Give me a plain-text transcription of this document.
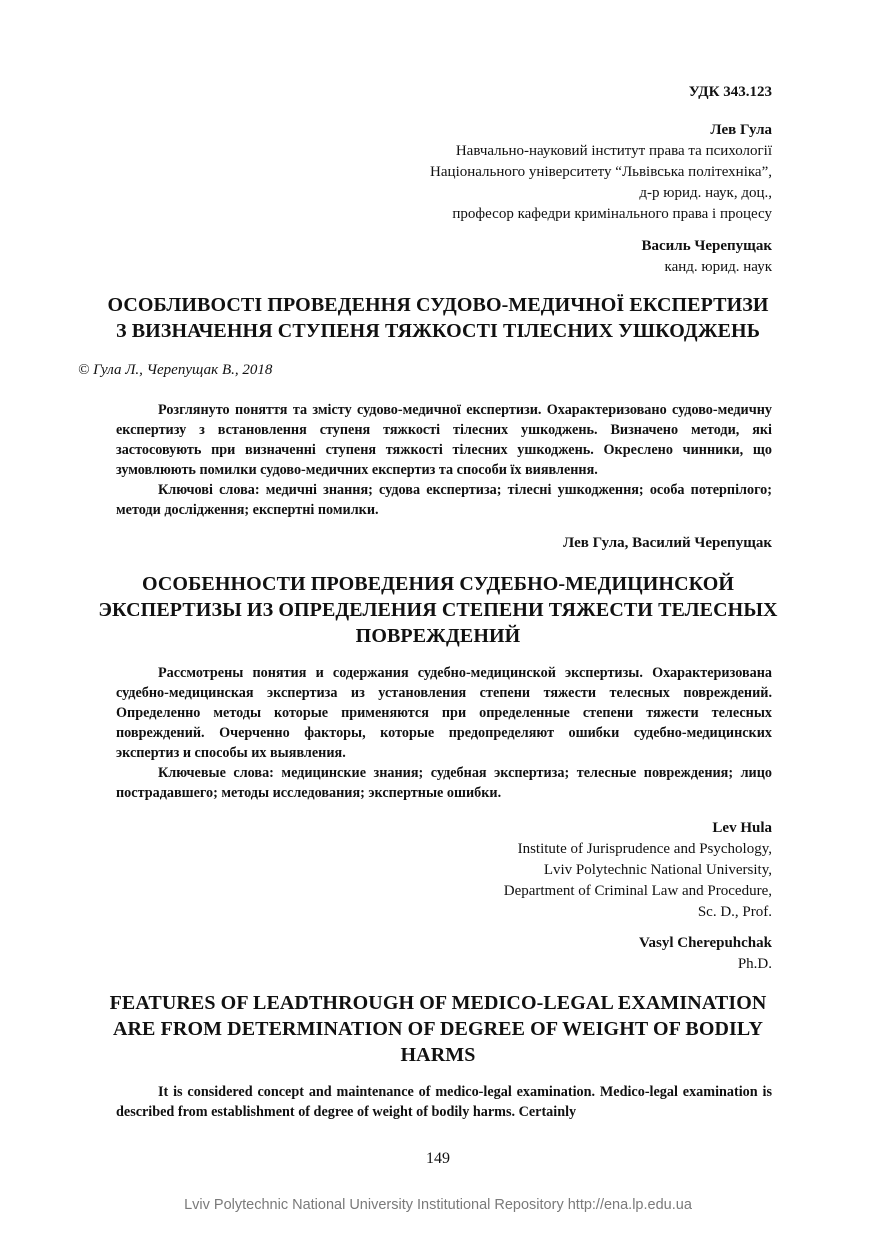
УДК 343.123
Лев Гула
Навчально-науковий інститут права та психології
Національного університету “Львівська політехніка”,
д-р юрид. наук, доц.,
професор кафедри кримінального права і процесу
Василь Черепущак
канд. юрид. наук
ОСОБЛИВОСТІ ПРОВЕДЕННЯ СУДОВО-МЕДИЧНОЇ ЕКСПЕРТИЗИ
З ВИЗНАЧЕННЯ СТУПЕНЯ ТЯЖКОСТІ ТІЛЕСНИХ УШКОДЖЕНЬ
© Гула Л., Черепущак В., 2018

Розглянуто поняття та змісту судово-медичної експертизи. Охарактеризовано судово-медичну експертизу з встановлення ступеня тяжкості тілесних ушкоджень. Визначено методи, які застосовують при визначенні ступеня тяжкості тілесних ушкоджень. Окреслено чинники, що зумовлюють помилки судово-медичних експертиз та способи їх виявлення.

Ключові слова: медичні знання; судова експертиза; тілесні ушкодження; особа потерпілого; методи дослідження; експертні помилки.

Лев Гула, Василий Черепущак
ОСОБЕННОСТИ ПРОВЕДЕНИЯ СУДЕБНО-МЕДИЦИНСКОЙ
ЭКСПЕРТИЗЫ ИЗ ОПРЕДЕЛЕНИЯ СТЕПЕНИ ТЯЖЕСТИ ТЕЛЕСНЫХ
ПОВРЕЖДЕНИЙ

Рассмотрены понятия и содержания судебно-медицинской экспертизы. Охарактеризована судебно-медицинская экспертиза из установления степени тяжести телесных повреждений. Определенно методы которые применяются при определенные степени тяжести телесных повреждений. Очерченно факторы, которые предопределяют ошибки судебно-медицинских экспертиз и способы их выявления.

Ключевые слова: медицинские знания; судебная экспертиза; телесные повреждения; лицо пострадавшего; методы исследования; экспертные ошибки.

Lev Hula
Institute of Jurisprudence and Psychology,
Lviv Polytechnic National University,
Department of Criminal Law and Procedure,
Sc. D., Prof.
Vasyl Cherepuhchak
Ph.D.
FEATURES OF LEADTHROUGH OF MEDICO-LEGAL EXAMINATION
ARE FROM DETERMINATION OF DEGREE OF WEIGHT OF BODILY
HARMS

It is considered concept and maintenance of medico-legal examination. Medico-legal examination is described from establishment of degree of weight of bodily harms. Certainly

149
Lviv Polytechnic National University Institutional Repository http://ena.lp.edu.ua
